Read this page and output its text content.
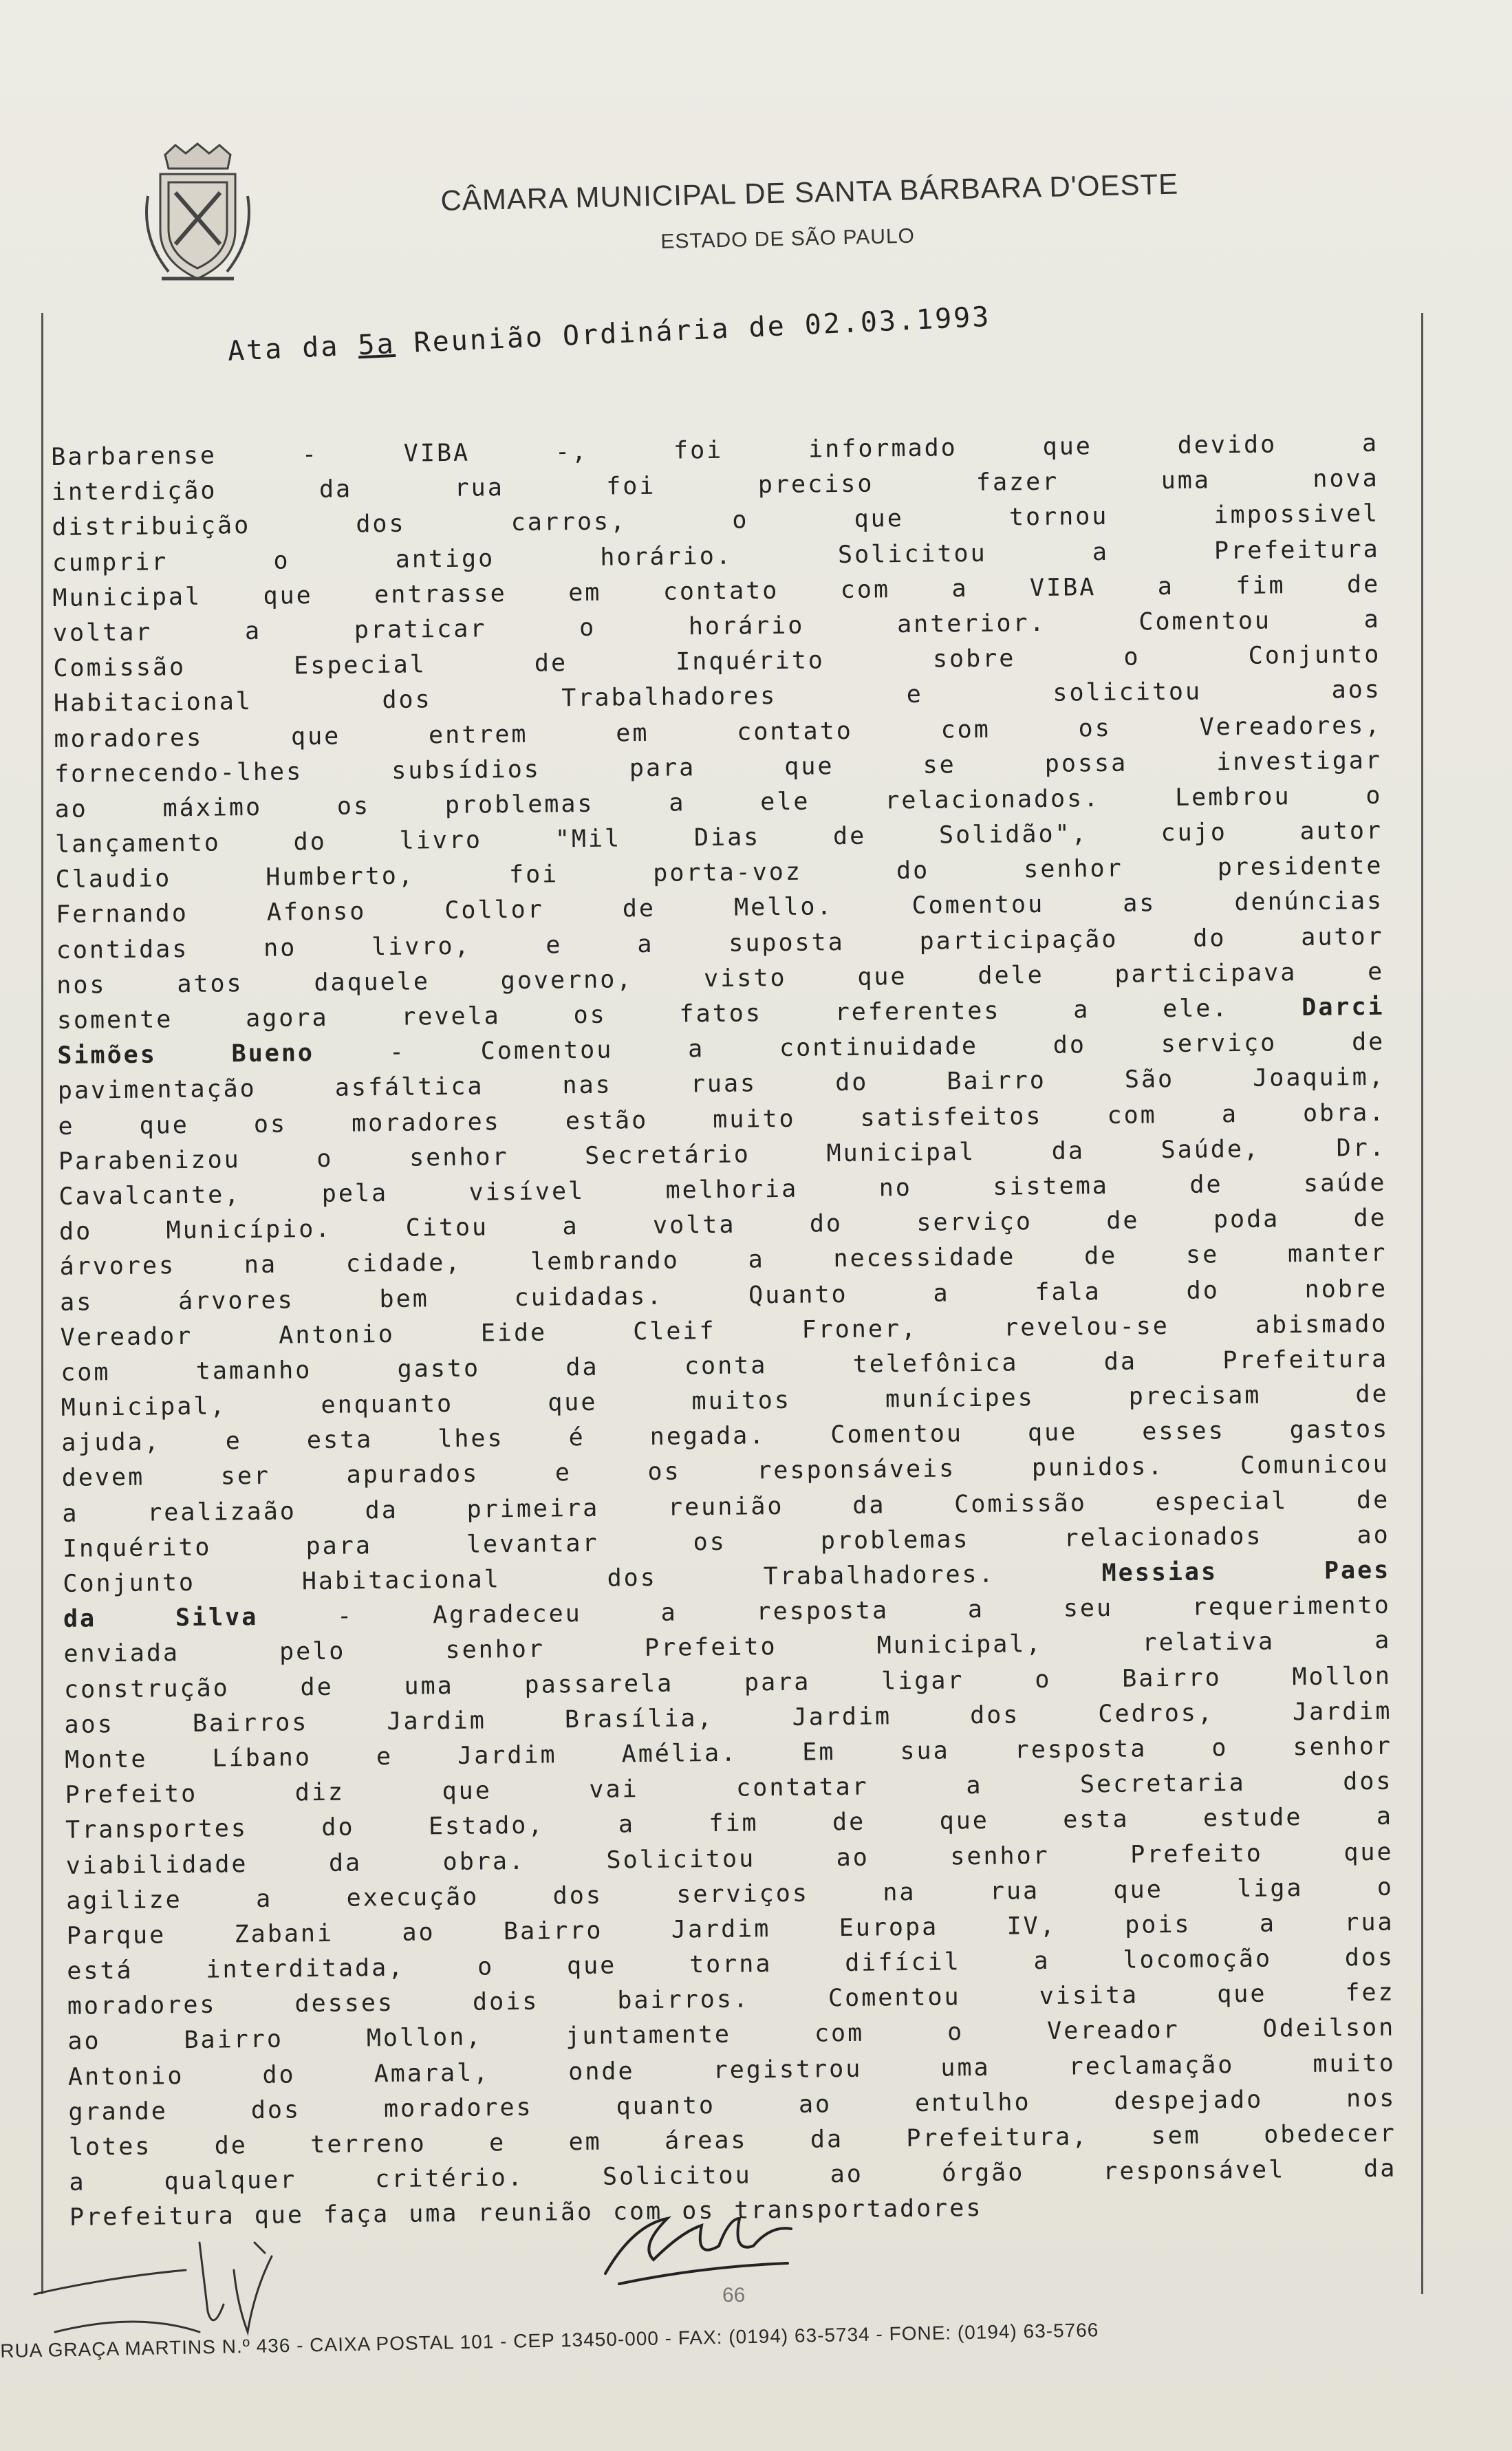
CÂMARA MUNICIPAL DE SANTA BÁRBARA D'OESTE
ESTADO DE SÃO PAULO
Ata da 5a Reunião Ordinária de 02.03.1993
Barbarense	-	VIBA	-,	foi	informado	que	devido	a
interdição	da	rua	foi	preciso	fazer	uma	nova
distribuição	dos	carros,	o	que	tornou	impossivel
cumprir	o	antigo	horário.	Solicitou	a	Prefeitura
Municipal	que	entrasse	em	contato	com	a	VIBA	a	fim	de
voltar	a	praticar	o	horário	anterior.	Comentou	a
Comissão	Especial	de	Inquérito	sobre	o	Conjunto
Habitacional	dos	Trabalhadores	e	solicitou	aos
moradores	que	entrem	em	contato	com	os	Vereadores,
fornecendo-lhes	subsídios	para	que	se	possa	investigar
ao	máximo	os	problemas	a	ele	relacionados.	Lembrou	o
lançamento	do	livro	"Mil	Dias	de	Solidão",	cujo	autor
Claudio	Humberto,	foi	porta-voz	do	senhor	presidente
Fernando	Afonso	Collor	de	Mello.	Comentou	as	denúncias
contidas	no	livro,	e	a	suposta	participação	do	autor
nos	atos	daquele	governo,	visto	que	dele	participava	e
somente	agora	revela	os	fatos	referentes	a	ele.	Darci
Simões	Bueno	-	Comentou	a	continuidade	do	serviço	de
pavimentação	asfáltica	nas	ruas	do	Bairro	São	Joaquim,
e	que	os	moradores	estão	muito	satisfeitos	com	a	obra.
Parabenizou	o	senhor	Secretário	Municipal	da	Saúde,	Dr.
Cavalcante,	pela	visível	melhoria	no	sistema	de	saúde
do	Município.	Citou	a	volta	do	serviço	de	poda	de
árvores	na	cidade,	lembrando	a	necessidade	de	se	manter
as	árvores	bem	cuidadas.	Quanto	a	fala	do	nobre
Vereador	Antonio	Eide	Cleif	Froner,	revelou-se	abismado
com	tamanho	gasto	da	conta	telefônica	da	Prefeitura
Municipal,	enquanto	que	muitos	munícipes	precisam	de
ajuda,	e	esta	lhes	é	negada.	Comentou	que	esses	gastos
devem	ser	apurados	e	os	responsáveis	punidos.	Comunicou
a	realizaão	da	primeira	reunião	da	Comissão	especial	de
Inquérito	para	levantar	os	problemas	relacionados	ao
Conjunto	Habitacional	dos	Trabalhadores.	Messias	Paes
da	Silva	-	Agradeceu	a	resposta	a	seu	requerimento
enviada	pelo	senhor	Prefeito	Municipal,	relativa	a
construção	de	uma	passarela	para	ligar	o	Bairro	Mollon
aos	Bairros	Jardim	Brasília,	Jardim	dos	Cedros,	Jardim
Monte	Líbano	e	Jardim	Amélia.	Em	sua	resposta	o	senhor
Prefeito	diz	que	vai	contatar	a	Secretaria	dos
Transportes	do	Estado,	a	fim	de	que	esta	estude	a
viabilidade	da	obra.	Solicitou	ao	senhor	Prefeito	que
agilize	a	execução	dos	serviços	na	rua	que	liga	o
Parque	Zabani	ao	Bairro	Jardim	Europa	IV,	pois	a	rua
está	interditada,	o	que	torna	difícil	a	locomoção	dos
moradores	desses	dois	bairros.	Comentou	visita	que	fez
ao	Bairro	Mollon,	juntamente	com	o	Vereador	Odeilson
Antonio	do	Amaral,	onde	registrou	uma	reclamação	muito
grande	dos	moradores	quanto	ao	entulho	despejado	nos
lotes	de	terreno	e	em	áreas	da	Prefeitura,	sem	obedecer
a	qualquer	critério.	Solicitou	ao	órgão	responsável	da
Prefeitura que faça uma reunião com os transportadores
66
RUA GRAÇA MARTINS N.º 436 - CAIXA POSTAL 101 - CEP 13450-000 - FAX: (0194) 63-5734 - FONE: (0194) 63-5766
